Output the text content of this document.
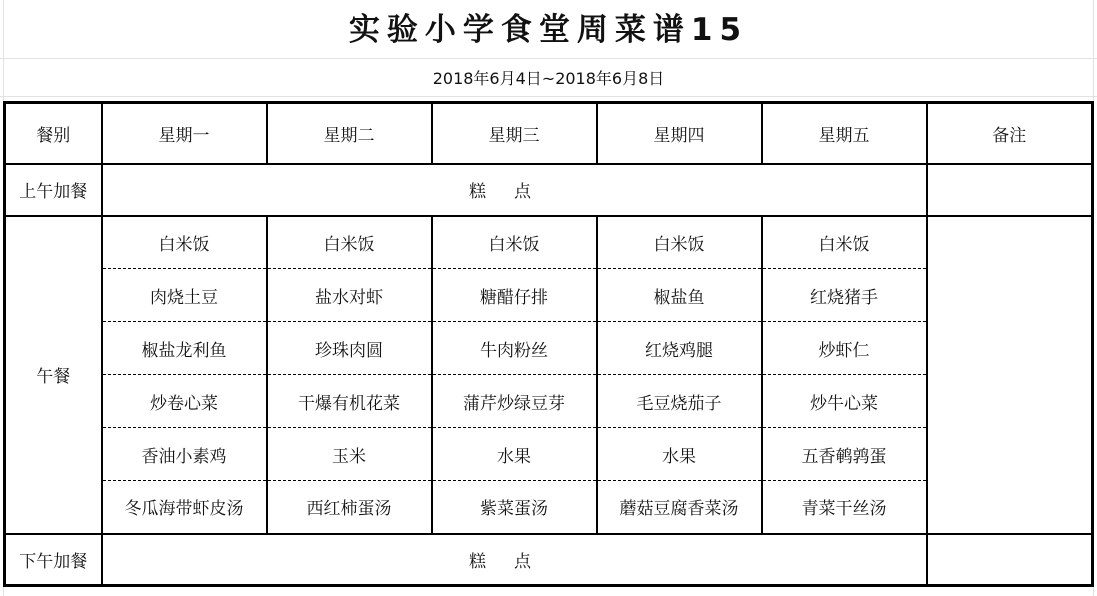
实验小学食堂周菜谱15
2018年6月4日~2018年6月8日
餐别	星期一	星期二	星期三	星期四	星期五	备注
上午加餐	糕点					
午餐	白米饭	白米饭	白米饭	白米饭	白米饭	
	肉烧土豆	盐水对虾	糖醋仔排	椒盐鱼	红烧猪手	
	椒盐龙利鱼	珍珠肉圆	牛肉粉丝	红烧鸡腿	炒虾仁	
	炒卷心菜	干爆有机花菜	蒲芹炒绿豆芽	毛豆烧茄子	炒牛心菜	
	香油小素鸡	玉米	水果	水果	五香鹌鹑蛋	
	冬瓜海带虾皮汤	西红柿蛋汤	紫菜蛋汤	蘑菇豆腐香菜汤	青菜干丝汤	
下午加餐	糕点					
